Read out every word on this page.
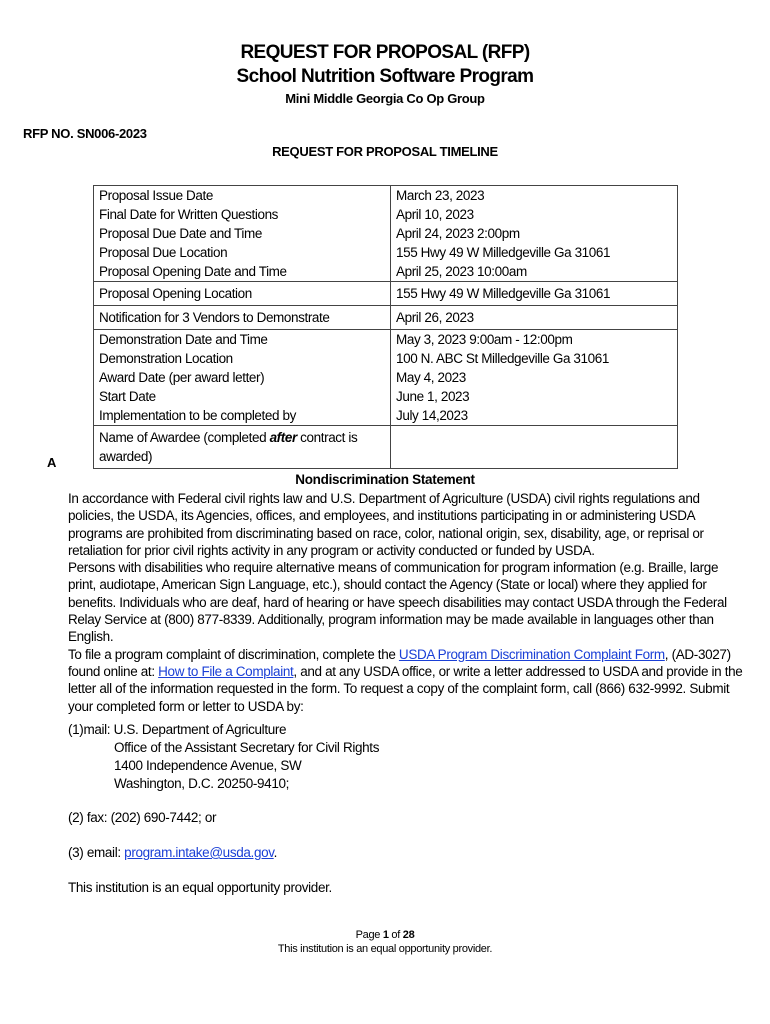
REQUEST FOR PROPOSAL (RFP)
School Nutrition Software Program
Mini Middle Georgia Co Op Group
RFP NO. SN006-2023
REQUEST FOR PROPOSAL TIMELINE
Proposal Issue Date	March 23, 2023
Final Date for Written Questions	April 10, 2023
Proposal Due Date and Time	April 24, 2023 2:00pm
Proposal Due Location	155 Hwy 49 W Milledgeville Ga 31061
Proposal Opening Date and Time	April 25, 2023 10:00am
Proposal Opening Location	155 Hwy 49 W Milledgeville Ga 31061
Notification for 3 Vendors to Demonstrate	April 26, 2023
Demonstration Date and Time	May 3, 2023 9:00am - 12:00pm
Demonstration Location	100 N. ABC St Milledgeville Ga 31061
Award Date (per award letter)	May 4, 2023
Start Date	June 1, 2023
Implementation to be completed by	July 14,2023
Name of Awardee (completed after contract is awarded)	
A
Nondiscrimination Statement
In accordance with Federal civil rights law and U.S. Department of Agriculture (USDA) civil rights regulations and policies, the USDA, its Agencies, offices, and employees, and institutions participating in or administering USDA programs are prohibited from discriminating based on race, color, national origin, sex, disability, age, or reprisal or retaliation for prior civil rights activity in any program or activity conducted or funded by USDA.
Persons with disabilities who require alternative means of communication for program information (e.g. Braille, large print, audiotape, American Sign Language, etc.), should contact the Agency (State or local) where they applied for benefits. Individuals who are deaf, hard of hearing or have speech disabilities may contact USDA through the Federal Relay Service at (800) 877-8339. Additionally, program information may be made available in languages other than English.
To file a program complaint of discrimination, complete the USDA Program Discrimination Complaint Form, (AD-3027) found online at: How to File a Complaint, and at any USDA office, or write a letter addressed to USDA and provide in the letter all of the information requested in the form. To request a copy of the complaint form, call (866) 632-9992. Submit your completed form or letter to USDA by:
(1)mail: U.S. Department of Agriculture
Office of the Assistant Secretary for Civil Rights
1400 Independence Avenue, SW
Washington, D.C. 20250-9410;
(2) fax: (202) 690-7442; or
(3) email: program.intake@usda.gov.
This institution is an equal opportunity provider.
Page 1 of 28
This institution is an equal opportunity provider.
